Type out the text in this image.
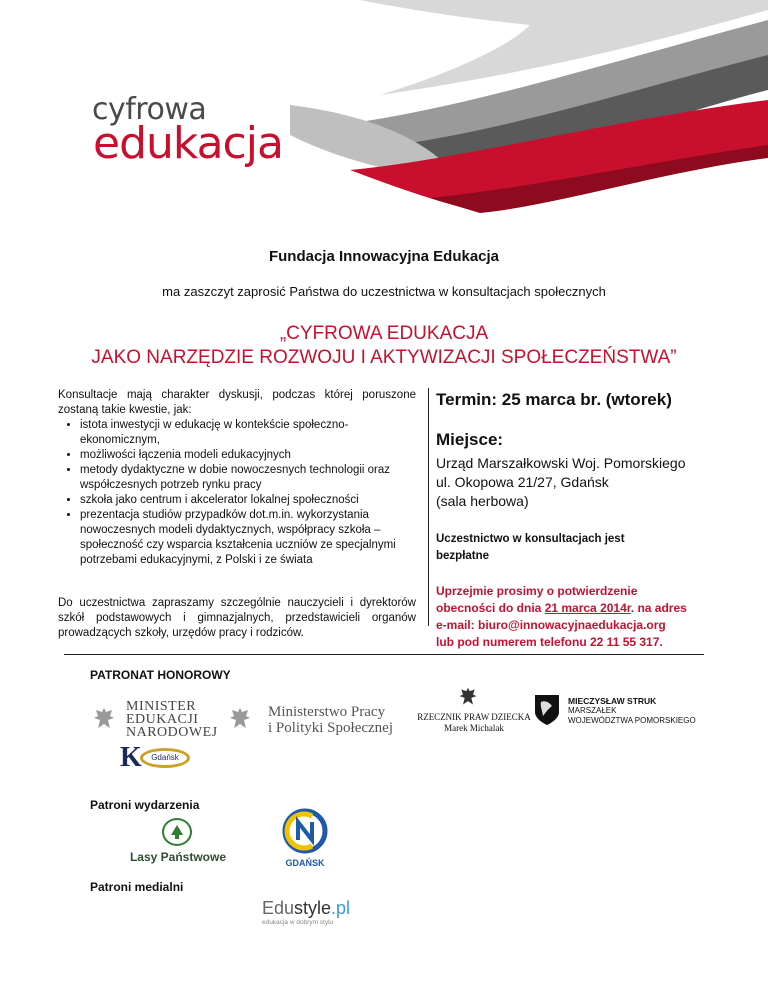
cyfrowa
edukacja
Fundacja Innowacyjna Edukacja
ma zaszczyt zaprosić Państwa do uczestnictwa w konsultacjach społecznych
„CYFROWA EDUKACJA
JAKO NARZĘDZIE ROZWOJU I AKTYWIZACJI SPOŁECZEŃSTWA”

Konsultacje mają charakter dyskusji, podczas której poruszone zostaną takie kwestie, jak:

• istota inwestycji w edukację w kontekście społeczno-ekonomicznym,
• możliwości łączenia modeli edukacyjnych
• metody dydaktyczne w dobie nowoczesnych technologii oraz współczesnych potrzeb rynku pracy
• szkoła jako centrum i akcelerator lokalnej społeczności
• prezentacja studiów przypadków dot.m.in. wykorzystania nowoczesnych modeli dydaktycznych, współpracy szkoła – społeczność czy wsparcia kształcenia uczniów ze specjalnymi potrzebami edukacyjnymi, z Polski i ze świata

Do uczestnictwa zapraszamy szczególnie nauczycieli i dyrektorów szkół podstawowych i gimnazjalnych, przedstawicieli organów prowadzących szkoły, urzędów pracy i rodziców.

Termin: 25 marca br. (wtorek)
Miejsce:
Urząd Marszałkowski Woj. Pomorskiego
ul. Okopowa 21/27, Gdańsk
(sala herbowa)
Uczestnictwo w konsultacjach jest
bezpłatne
Uprzejmie prosimy o potwierdzenie
obecności do dnia 21 marca 2014r. na adres
e-mail: biuro@innowacyjnaedukacja.org
lub pod numerem telefonu 22 11 55 317.
PATRONAT HONOROWY
MINISTER
EDUKACJI
NARODOWEJ
Ministerstwo Pracy
i Polityki Społecznej
RZECZNIK PRAW DZIECKA
Marek Michalak
MIECZYSŁAW STRUK
MARSZAŁEK
WOJEWÓDZTWA POMORSKIEGO
K	Gdańsk
Patroni wydarzenia
Lasy Państwowe	GDAŃSK
Patroni medialni
Edustyle.pl
edukacja w dobrym stylu
